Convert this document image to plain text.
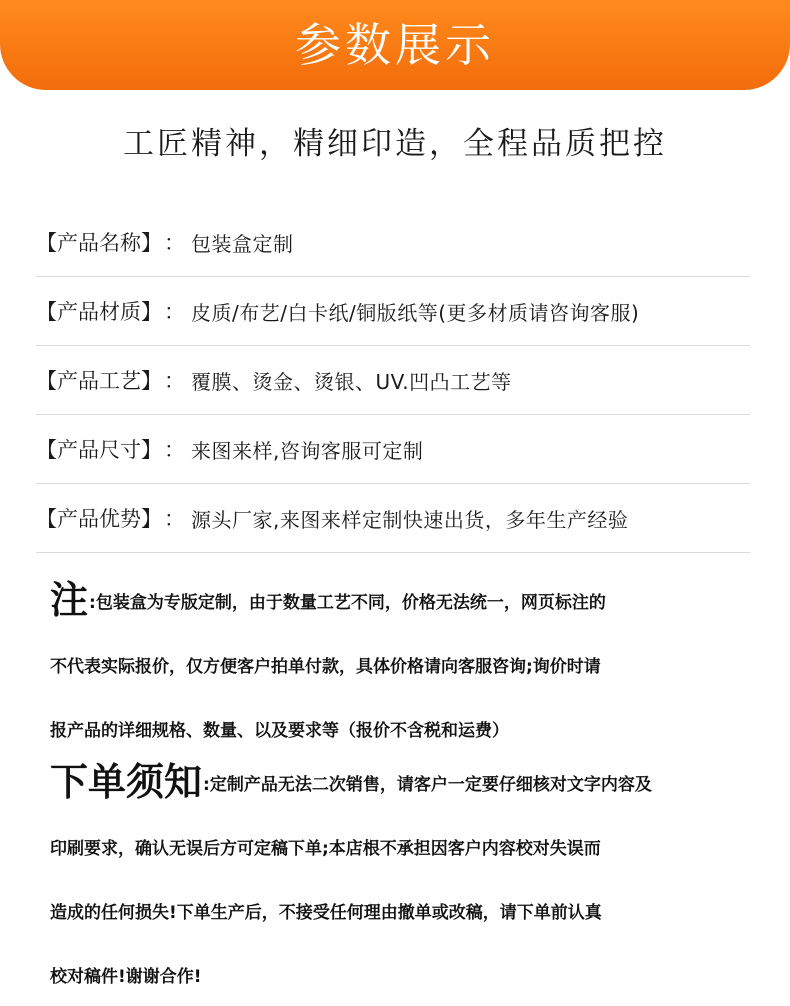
参数展示
工匠精神，精细印造，全程品质把控
【产品名称】 ： 包装盒定制
【产品材质】 ： 皮质/布艺/白卡纸/铜版纸等(更多材质请咨询客服)
【产品工艺】 ： 覆膜、烫金、烫银、UV.凹凸工艺等
【产品尺寸】 ： 来图来样,咨询客服可定制
【产品优势】 ： 源头厂家,来图来样定制快速出货，多年生产经验
注 :包装盒为专版定制，由于数量工艺不同，价格无法统一，网页标注的
不代表实际报价，仅方便客户拍单付款，具体价格请向客服咨询;询价时请
报产品的详细规格、数量、以及要求等（报价不含税和运费）
下单须知 :定制产品无法二次销售，请客户一定要仔细核对文字内容及
印刷要求，确认无误后方可定稿下单;本店根不承担因客户内容校对失误而
造成的任何损失!下单生产后，不接受任何理由撤单或改稿，请下单前认真
校对稿件!谢谢合作!
